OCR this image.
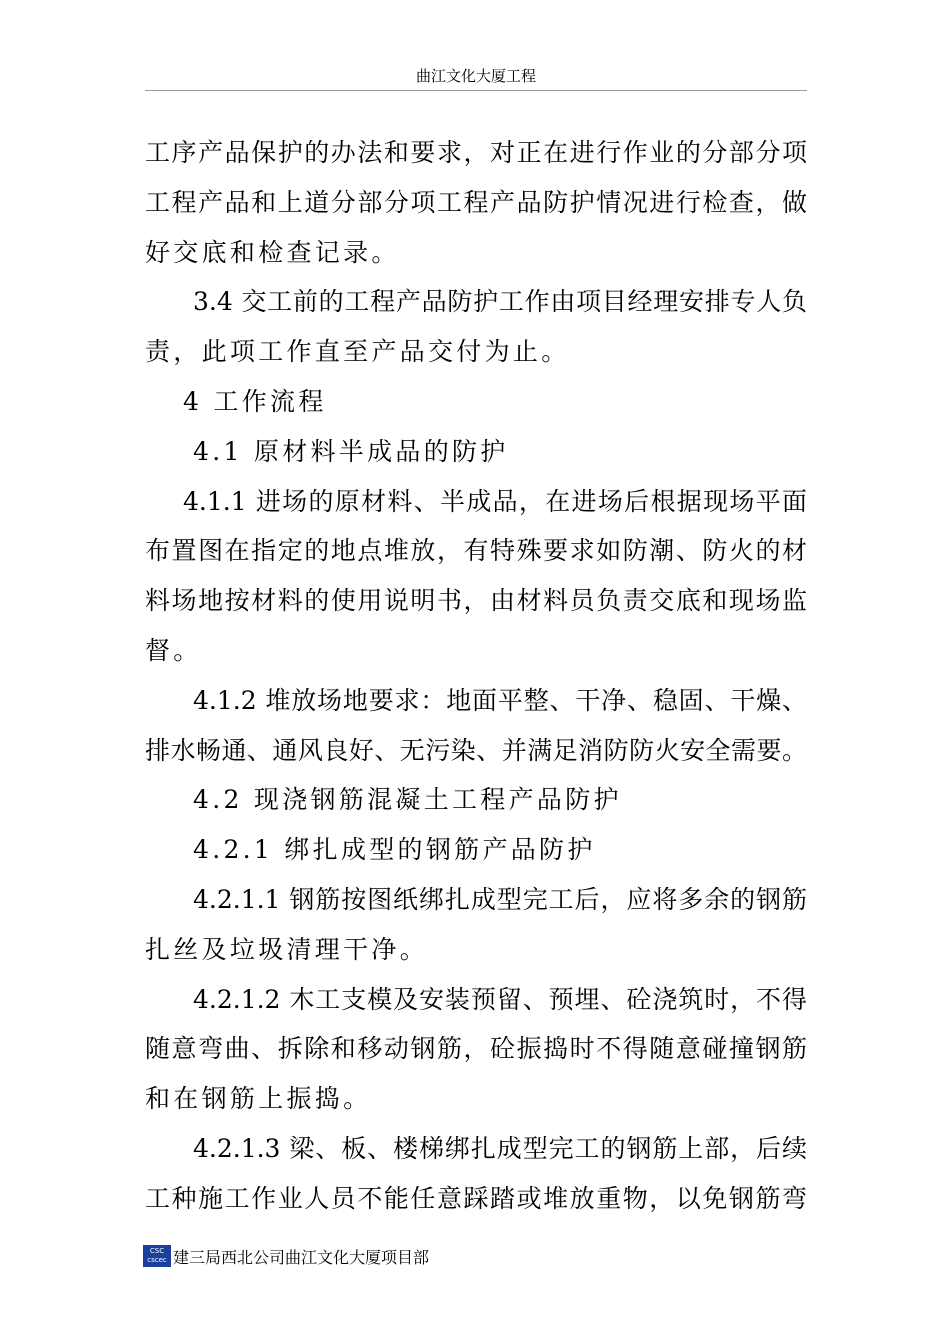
曲江文化大厦工程
工序产品保护的办法和要求，对正在进行作业的分部分项
工程产品和上道分部分项工程产品防护情况进行检查，做
好交底和检查记录。
3.4 交工前的工程产品防护工作由项目经理安排专人负
责，此项工作直至产品交付为止。
4 工作流程
4.1 原材料半成品的防护
4.1.1 进场的原材料、半成品，在进场后根据现场平面
布置图在指定的地点堆放，有特殊要求如防潮、防火的材
料场地按材料的使用说明书，由材料员负责交底和现场监
督。
4.1.2 堆放场地要求：地面平整、干净、稳固、干燥、
排水畅通、通风良好、无污染、并满足消防防火安全需要。
4.2 现浇钢筋混凝土工程产品防护
4.2.1 绑扎成型的钢筋产品防护
4.2.1.1 钢筋按图纸绑扎成型完工后，应将多余的钢筋
扎丝及垃圾清理干净。
4.2.1.2 木工支模及安装预留、预埋、砼浇筑时，不得
随意弯曲、拆除和移动钢筋，砼振捣时不得随意碰撞钢筋
和在钢筋上振捣。
4.2.1.3 梁、板、楼梯绑扎成型完工的钢筋上部，后续
工种施工作业人员不能任意踩踏或堆放重物，以免钢筋弯
CSC
cscec 建三局西北公司曲江文化大厦项目部
